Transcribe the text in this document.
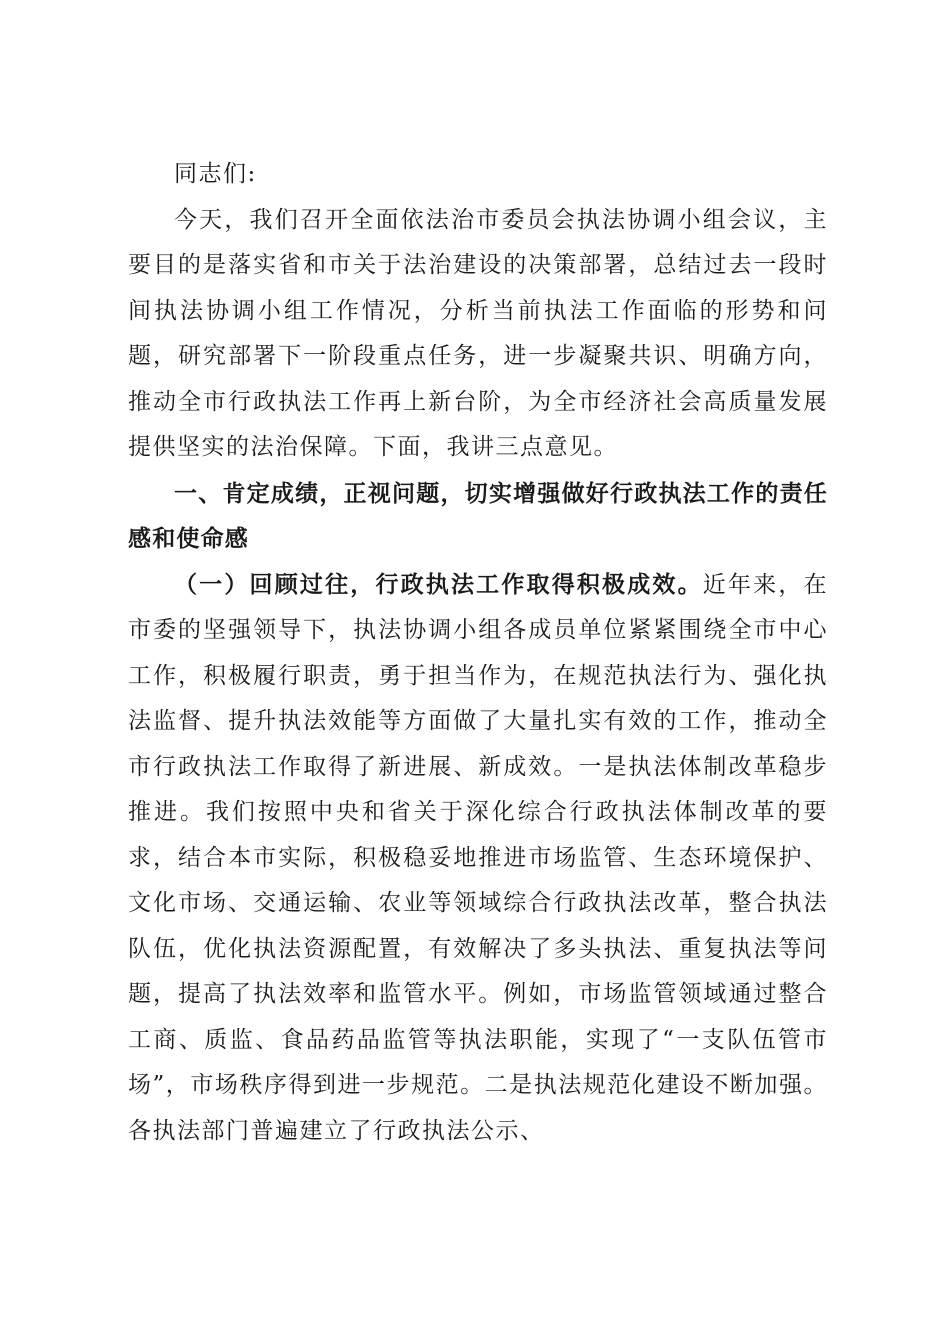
同志们:

今天，我们召开全面依法治市委员会执法协调小组会议，主要目的是落实省和市关于法治建设的决策部署，总结过去一段时间执法协调小组工作情况，分析当前执法工作面临的形势和问题，研究部署下一阶段重点任务，进一步凝聚共识、明确方向，推动全市行政执法工作再上新台阶，为全市经济社会高质量发展提供坚实的法治保障。下面，我讲三点意见。

一、肯定成绩，正视问题，切实增强做好行政执法工作的责任感和使命感

（一）回顾过往，行政执法工作取得积极成效。近年来，在市委的坚强领导下，执法协调小组各成员单位紧紧围绕全市中心工作，积极履行职责，勇于担当作为，在规范执法行为、强化执法监督、提升执法效能等方面做了大量扎实有效的工作，推动全市行政执法工作取得了新进展、新成效。一是执法体制改革稳步推进。我们按照中央和省关于深化综合行政执法体制改革的要求，结合本市实际，积极稳妥地推进市场监管、生态环境保护、文化市场、交通运输、农业等领域综合行政执法改革，整合执法队伍，优化执法资源配置，有效解决了多头执法、重复执法等问题，提高了执法效率和监管水平。例如，市场监管领域通过整合工商、质监、食品药品监管等执法职能，实现了“一支队伍管市场”，市场秩序得到进一步规范。二是执法规范化建设不断加强。各执法部门普遍建立了行政执法公示、
